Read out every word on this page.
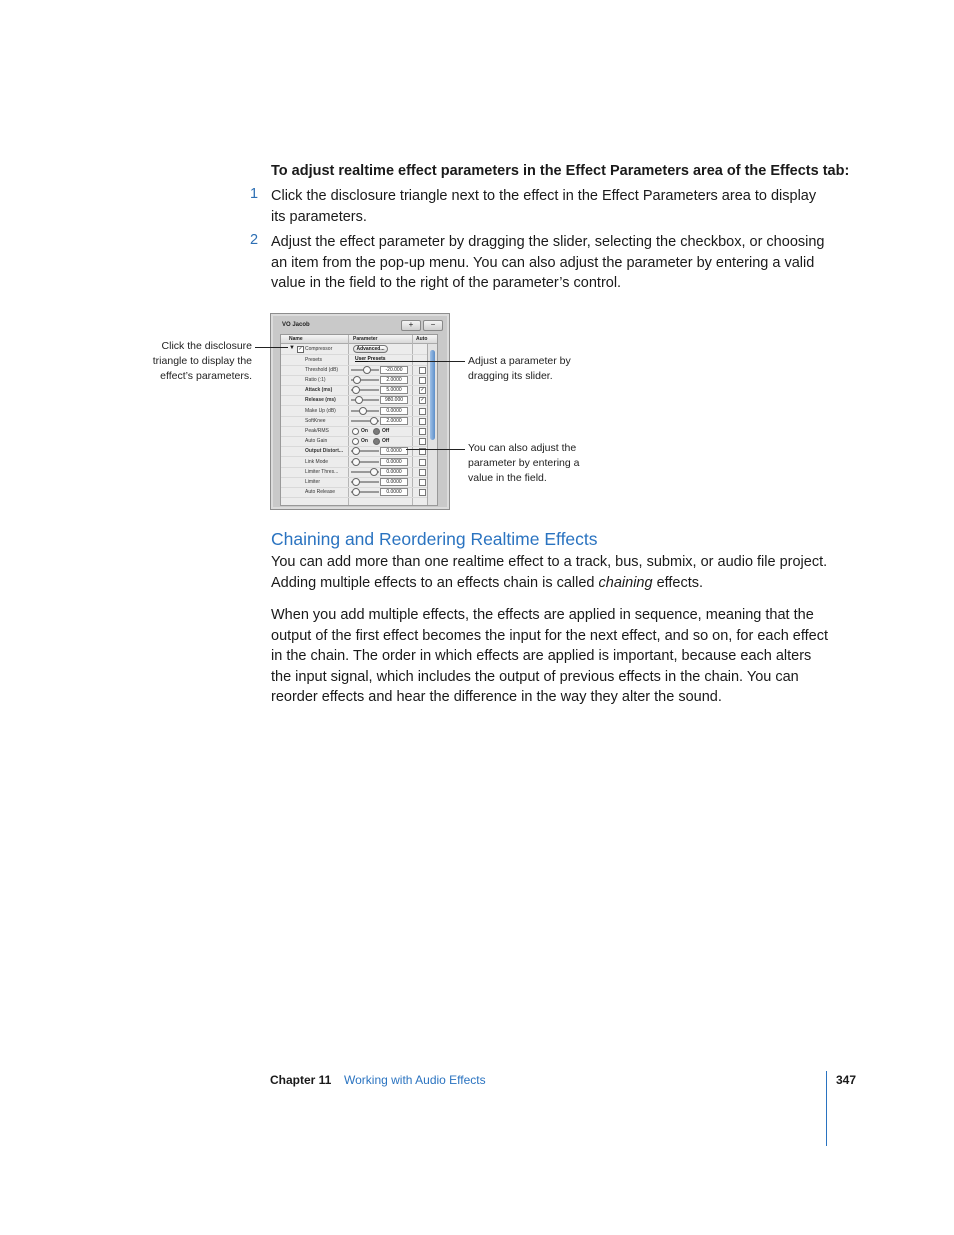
To adjust realtime effect parameters in the Effect Parameters area of the Effects tab:
1 Click the disclosure triangle next to the effect in the Effect Parameters area to display its parameters.
2 Adjust the effect parameter by dragging the slider, selecting the checkbox, or choosing an item from the pop-up menu. You can also adjust the parameter by entering a valid value in the field to the right of the parameter’s control.
VO Jacob	+	−
Name	Parameter	Auto
▼ ✓ Compressor	Advanced...
Presets	User Presets
Threshold (dB)	-20.000
Ratio (:1)	2.0000
Attack (ms)	5.0000	✓
Release (ms)	980.000	✓
Make Up (dB)	0.0000
SoftKnee	2.0000
Peak/RMS	On	Off
Auto Gain	On	Off
Output Distort...	0.0000
Link Mode	0.0000
Limiter Thres...	0.0000
Limiter	0.0000
Auto Release	0.0000
Click the disclosure triangle to display the effect’s parameters.
Adjust a parameter by dragging its slider.
You can also adjust the parameter by entering a value in the field.
Chaining and Reordering Realtime Effects
You can add more than one realtime effect to a track, bus, submix, or audio file project. Adding multiple effects to an effects chain is called chaining effects.
When you add multiple effects, the effects are applied in sequence, meaning that the output of the first effect becomes the input for the next effect, and so on, for each effect in the chain. The order in which effects are applied is important, because each alters the input signal, which includes the output of previous effects in the chain. You can reorder effects and hear the difference in the way they alter the sound.
Chapter 11 Working with Audio Effects	347
